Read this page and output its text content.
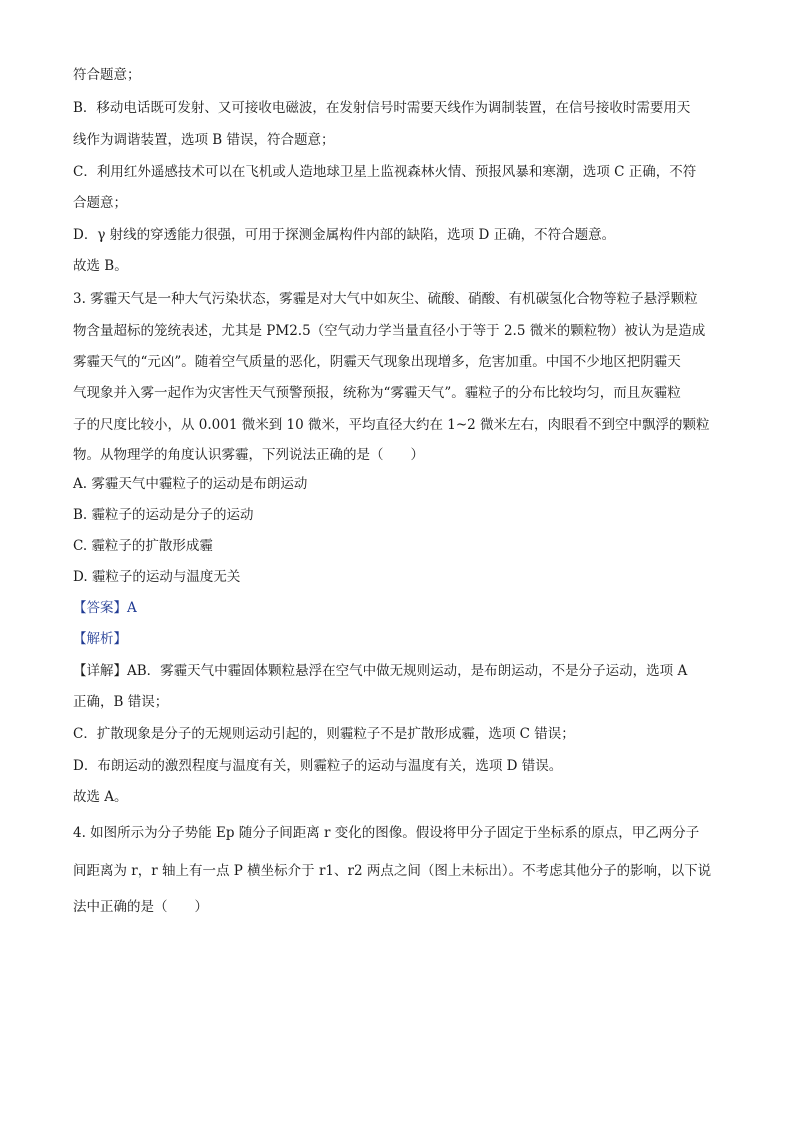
符合题意；
B．移动电话既可发射、又可接收电磁波，在发射信号时需要天线作为调制装置，在信号接收时需要用天
线作为调谐装置，选项 B 错误，符合题意；
C．利用红外遥感技术可以在飞机或人造地球卫星上监视森林火情、预报风暴和寒潮，选项 C 正确，不符
合题意；
D．γ 射线的穿透能力很强，可用于探测金属构件内部的缺陷，选项 D 正确，不符合题意。
故选 B。
3. 雾霾天气是一种大气污染状态，雾霾是对大气中如灰尘、硫酸、硝酸、有机碳氢化合物等粒子悬浮颗粒
物含量超标的笼统表述，尤其是 PM2.5（空气动力学当量直径小于等于 2.5 微米的颗粒物）被认为是造成
雾霾天气的“元凶”。随着空气质量的恶化，阴霾天气现象出现增多，危害加重。中国不少地区把阴霾天
气现象并入雾一起作为灾害性天气预警预报，统称为“雾霾天气”。霾粒子的分布比较均匀，而且灰霾粒
子的尺度比较小，从 0.001 微米到 10 微米，平均直径大约在 1~2 微米左右，肉眼看不到空中飘浮的颗粒
物。从物理学的角度认识雾霾，下列说法正确的是（　　）
A. 雾霾天气中霾粒子的运动是布朗运动
B. 霾粒子的运动是分子的运动
C. 霾粒子的扩散形成霾
D. 霾粒子的运动与温度无关
【答案】A
【解析】
【详解】AB．雾霾天气中霾固体颗粒悬浮在空气中做无规则运动，是布朗运动，不是分子运动，选项 A
正确，B 错误；
C．扩散现象是分子的无规则运动引起的，则霾粒子不是扩散形成霾，选项 C 错误；
D．布朗运动的激烈程度与温度有关，则霾粒子的运动与温度有关，选项 D 错误。
故选 A。
4. 如图所示为分子势能 Ep 随分子间距离 r 变化的图像。假设将甲分子固定于坐标系的原点，甲乙两分子
间距离为 r，r 轴上有一点 P 横坐标介于 r1、r2 两点之间（图上未标出）。不考虑其他分子的影响，以下说
法中正确的是（　　）
